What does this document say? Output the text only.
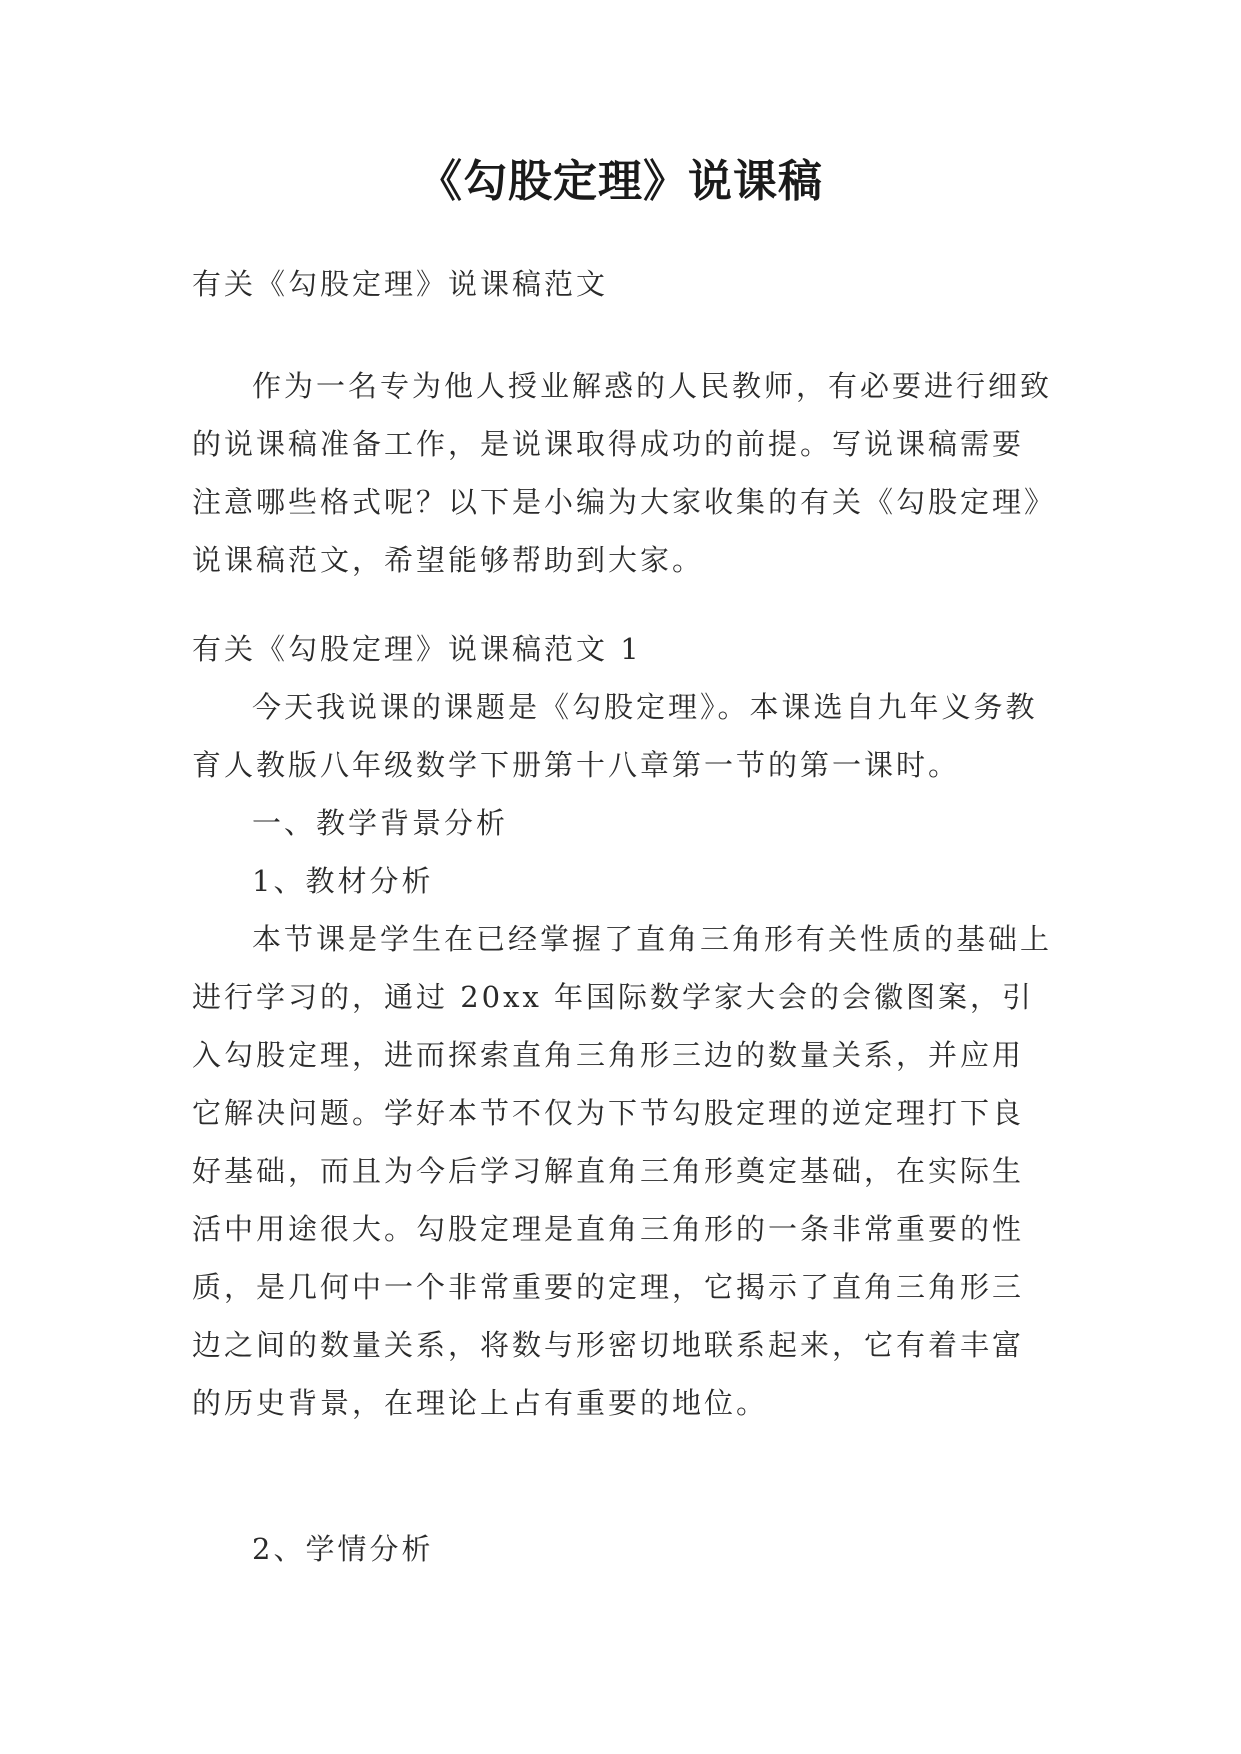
《勾股定理》说课稿

有关《勾股定理》说课稿范文

作为一名专为他人授业解惑的人民教师，有必要进行细致的说课稿准备工作，是说课取得成功的前提。写说课稿需要注意哪些格式呢？以下是小编为大家收集的有关《勾股定理》说课稿范文，希望能够帮助到大家。

有关《勾股定理》说课稿范文 1

今天我说课的课题是《勾股定理》。本课选自九年义务教育人教版八年级数学下册第十八章第一节的第一课时。

一、教学背景分析

1、教材分析

本节课是学生在已经掌握了直角三角形有关性质的基础上进行学习的，通过 20xx 年国际数学家大会的会徽图案，引入勾股定理，进而探索直角三角形三边的数量关系，并应用它解决问题。学好本节不仅为下节勾股定理的逆定理打下良好基础，而且为今后学习解直角三角形奠定基础，在实际生活中用途很大。勾股定理是直角三角形的一条非常重要的性质，是几何中一个非常重要的定理，它揭示了直角三角形三边之间的数量关系，将数与形密切地联系起来，它有着丰富的历史背景，在理论上占有重要的地位。

2、学情分析
